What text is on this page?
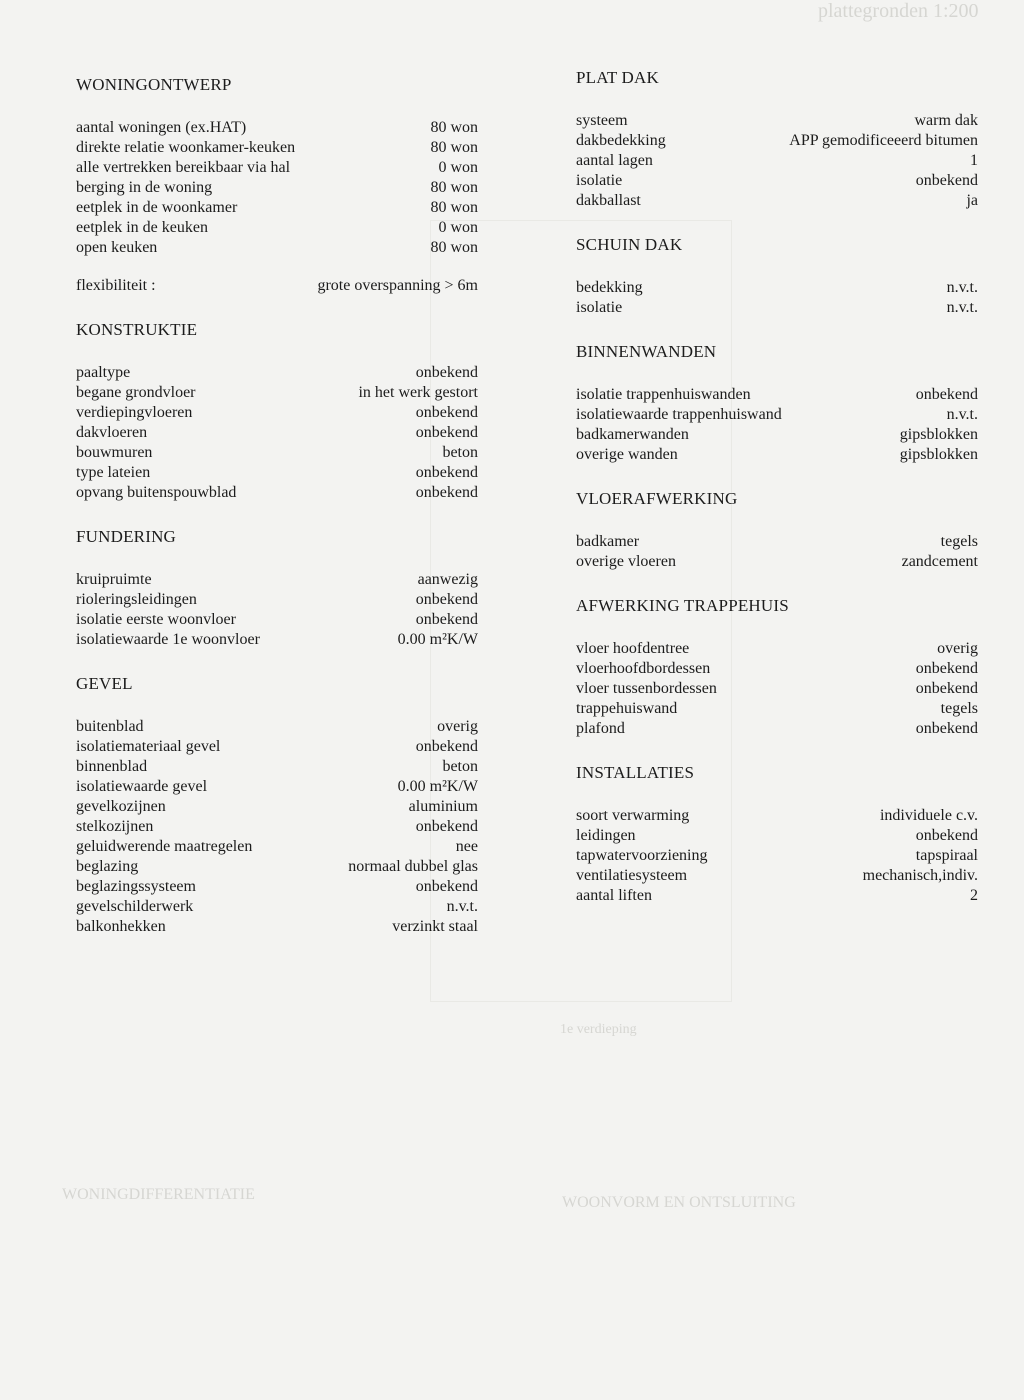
plattegronden 1:200
1e verdieping
WONINGDIFFERENTIATIE	WOONVORM EN ONTSLUITING
WONINGONTWERP
aantal woningen (ex.HAT)	80 won
direkte relatie woonkamer-keuken	80 won
alle vertrekken bereikbaar via hal	0 won
berging in de woning	80 won
eetplek in de woonkamer	80 won
eetplek in de keuken	0 won
open keuken	80 won
flexibiliteit :	grote overspanning > 6m
KONSTRUKTIE
paaltype	onbekend
begane grondvloer	in het werk gestort
verdiepingvloeren	onbekend
dakvloeren	onbekend
bouwmuren	beton
type lateien	onbekend
opvang buitenspouwblad	onbekend
FUNDERING
kruipruimte	aanwezig
rioleringsleidingen	onbekend
isolatie eerste woonvloer	onbekend
isolatiewaarde 1e woonvloer	0.00 m²K/W
GEVEL
buitenblad	overig
isolatiemateriaal gevel	onbekend
binnenblad	beton
isolatiewaarde gevel	0.00 m²K/W
gevelkozijnen	aluminium
stelkozijnen	onbekend
geluidwerende maatregelen	nee
beglazing	normaal dubbel glas
beglazingssysteem	onbekend
gevelschilderwerk	n.v.t.
balkonhekken	verzinkt staal
PLAT DAK
systeem	warm dak
dakbedekking	APP gemodificeeerd bitumen
aantal lagen	1
isolatie	onbekend
dakballast	ja
SCHUIN DAK
bedekking	n.v.t.
isolatie	n.v.t.
BINNENWANDEN
isolatie trappenhuiswanden	onbekend
isolatiewaarde trappenhuiswand	n.v.t.
badkamerwanden	gipsblokken
overige wanden	gipsblokken
VLOERAFWERKING
badkamer	tegels
overige vloeren	zandcement
AFWERKING TRAPPEHUIS
vloer hoofdentree	overig
vloerhoofdbordessen	onbekend
vloer tussenbordessen	onbekend
trappehuiswand	tegels
plafond	onbekend
INSTALLATIES
soort verwarming	individuele c.v.
leidingen	onbekend
tapwatervoorziening	tapspiraal
ventilatiesysteem	mechanisch,indiv.
aantal liften	2
